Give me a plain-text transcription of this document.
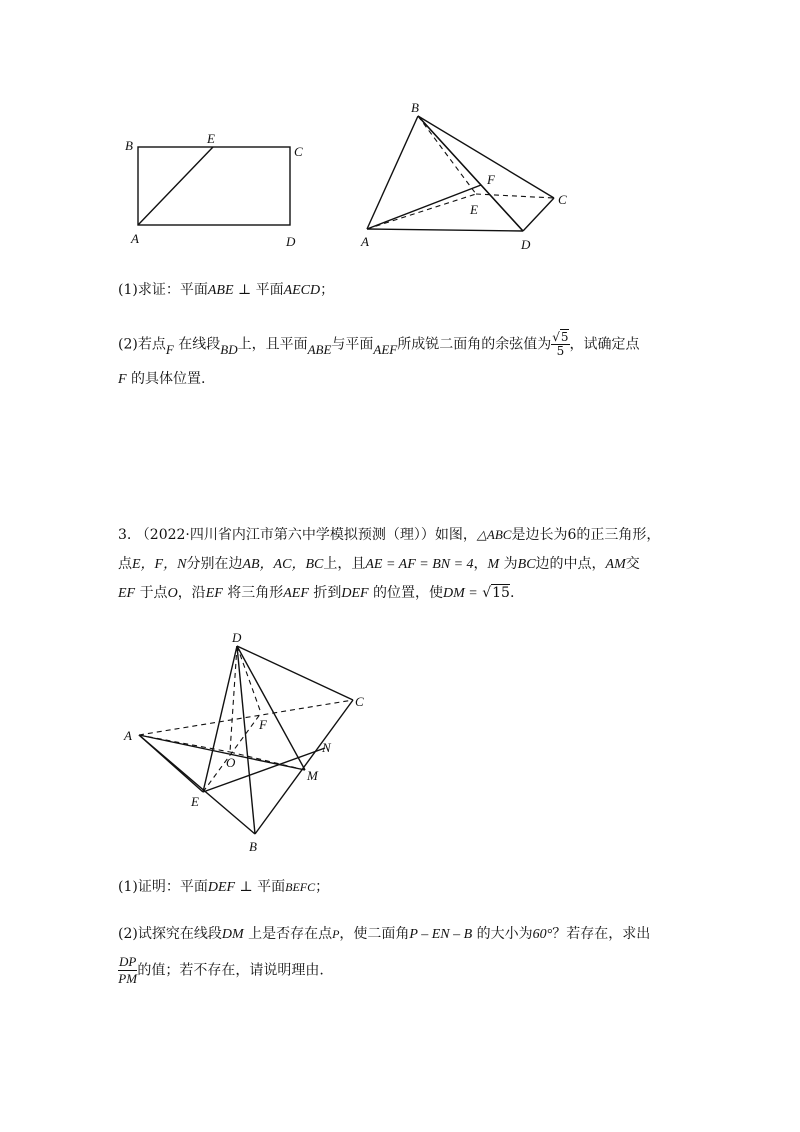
B	E
C
A	D
B
F
E
C
A	D
(1)求证：平面ABE ⊥ 平面AECD；
(2)若点F 在线段BD上，且平面ABE与平面AEF所成锐二面角的余弦值为 $\frac{√5}{5}$ ，试确定点
F 的具体位置.
3. （2022·四川省内江市第六中学模拟预测（理））如图，△ABC是边长为6的正三角形，
点E，F，N分别在边AB，AC，BC上，且AE = AF = BN = 4，M 为BC边的中点，AM交
EF 于点O，沿EF 将三角形AEF 折到DEF 的位置，使DM = √15.
D
C
A
F
N
O
M
E
B
(1)证明：平面DEF ⊥ 平面BEFC；
(2)试探究在线段DM 上是否存在点P，使二面角P – EN – B 的大小为60°？若存在，求出
$\frac{DP}{PM}$ 的值；若不存在，请说明理由.
